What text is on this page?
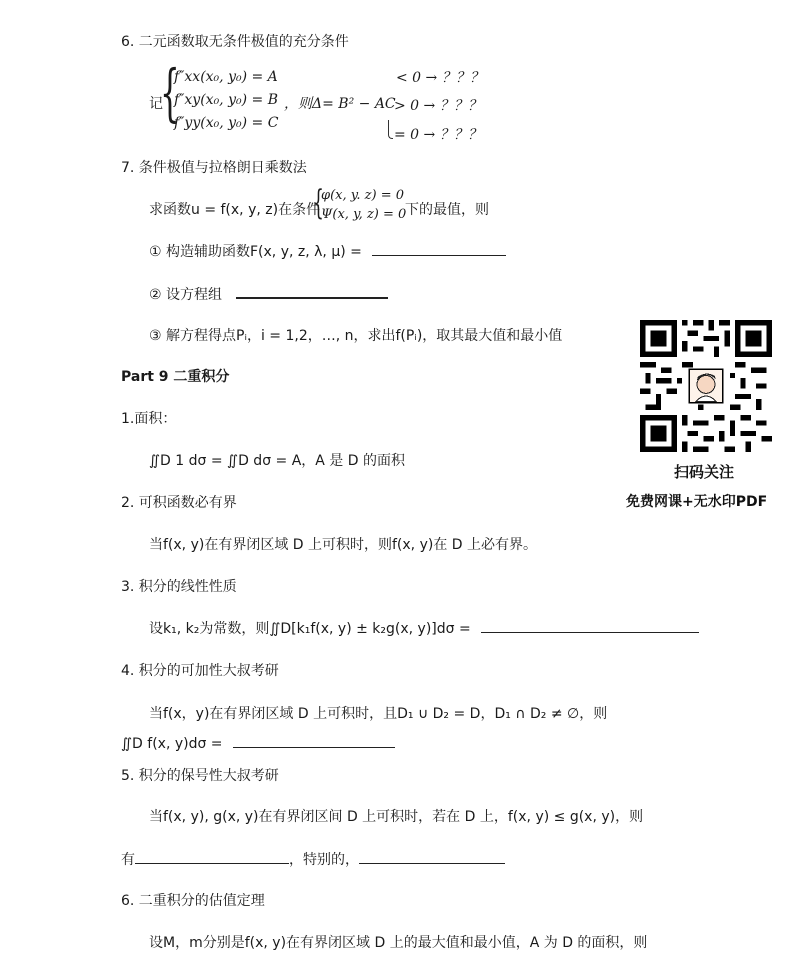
6. 二元函数取无条件极值的充分条件
记
{
f″xx(x₀, y₀) = A
f″xy(x₀, y₀) = B
f″yy(x₀, y₀) = C
，则Δ= B² − AC
< 0 → ？？？
> 0 → ？？？
= 0 → ？？？
7. 条件极值与拉格朗日乘数法
求函数u = f(x, y, z)在条件
{
φ(x, y. z) = 0
Ψ(x, y, z) = 0
下的最值，则
① 构造辅助函数F(x, y, z, λ, μ) =
② 设方程组
③ 解方程得点Pᵢ，i = 1,2，…, n，求出f(Pᵢ)，取其最大值和最小值
Part 9 二重积分
1.面积：
∬D 1 dσ = ∬D dσ = A，A 是 D 的面积
2. 可积函数必有界
当f(x, y)在有界闭区域 D 上可积时，则f(x, y)在 D 上必有界。
3. 积分的线性性质
设k₁, k₂为常数，则∬D[k₁f(x, y) ± k₂g(x, y)]dσ =
4. 积分的可加性大叔考研
当f(x，y)在有界闭区域 D 上可积时，且D₁ ∪ D₂ = D，D₁ ∩ D₂ ≠ ∅，则
∬D f(x, y)dσ =
5. 积分的保号性大叔考研
当f(x, y), g(x, y)在有界闭区间 D 上可积时，若在 D 上，f(x, y) ≤ g(x, y)，则
有	，特别的，
6. 二重积分的估值定理
设M，m分别是f(x, y)在有界闭区域 D 上的最大值和最小值，A 为 D 的面积，则
扫码关注
免费网课+无水印PDF
